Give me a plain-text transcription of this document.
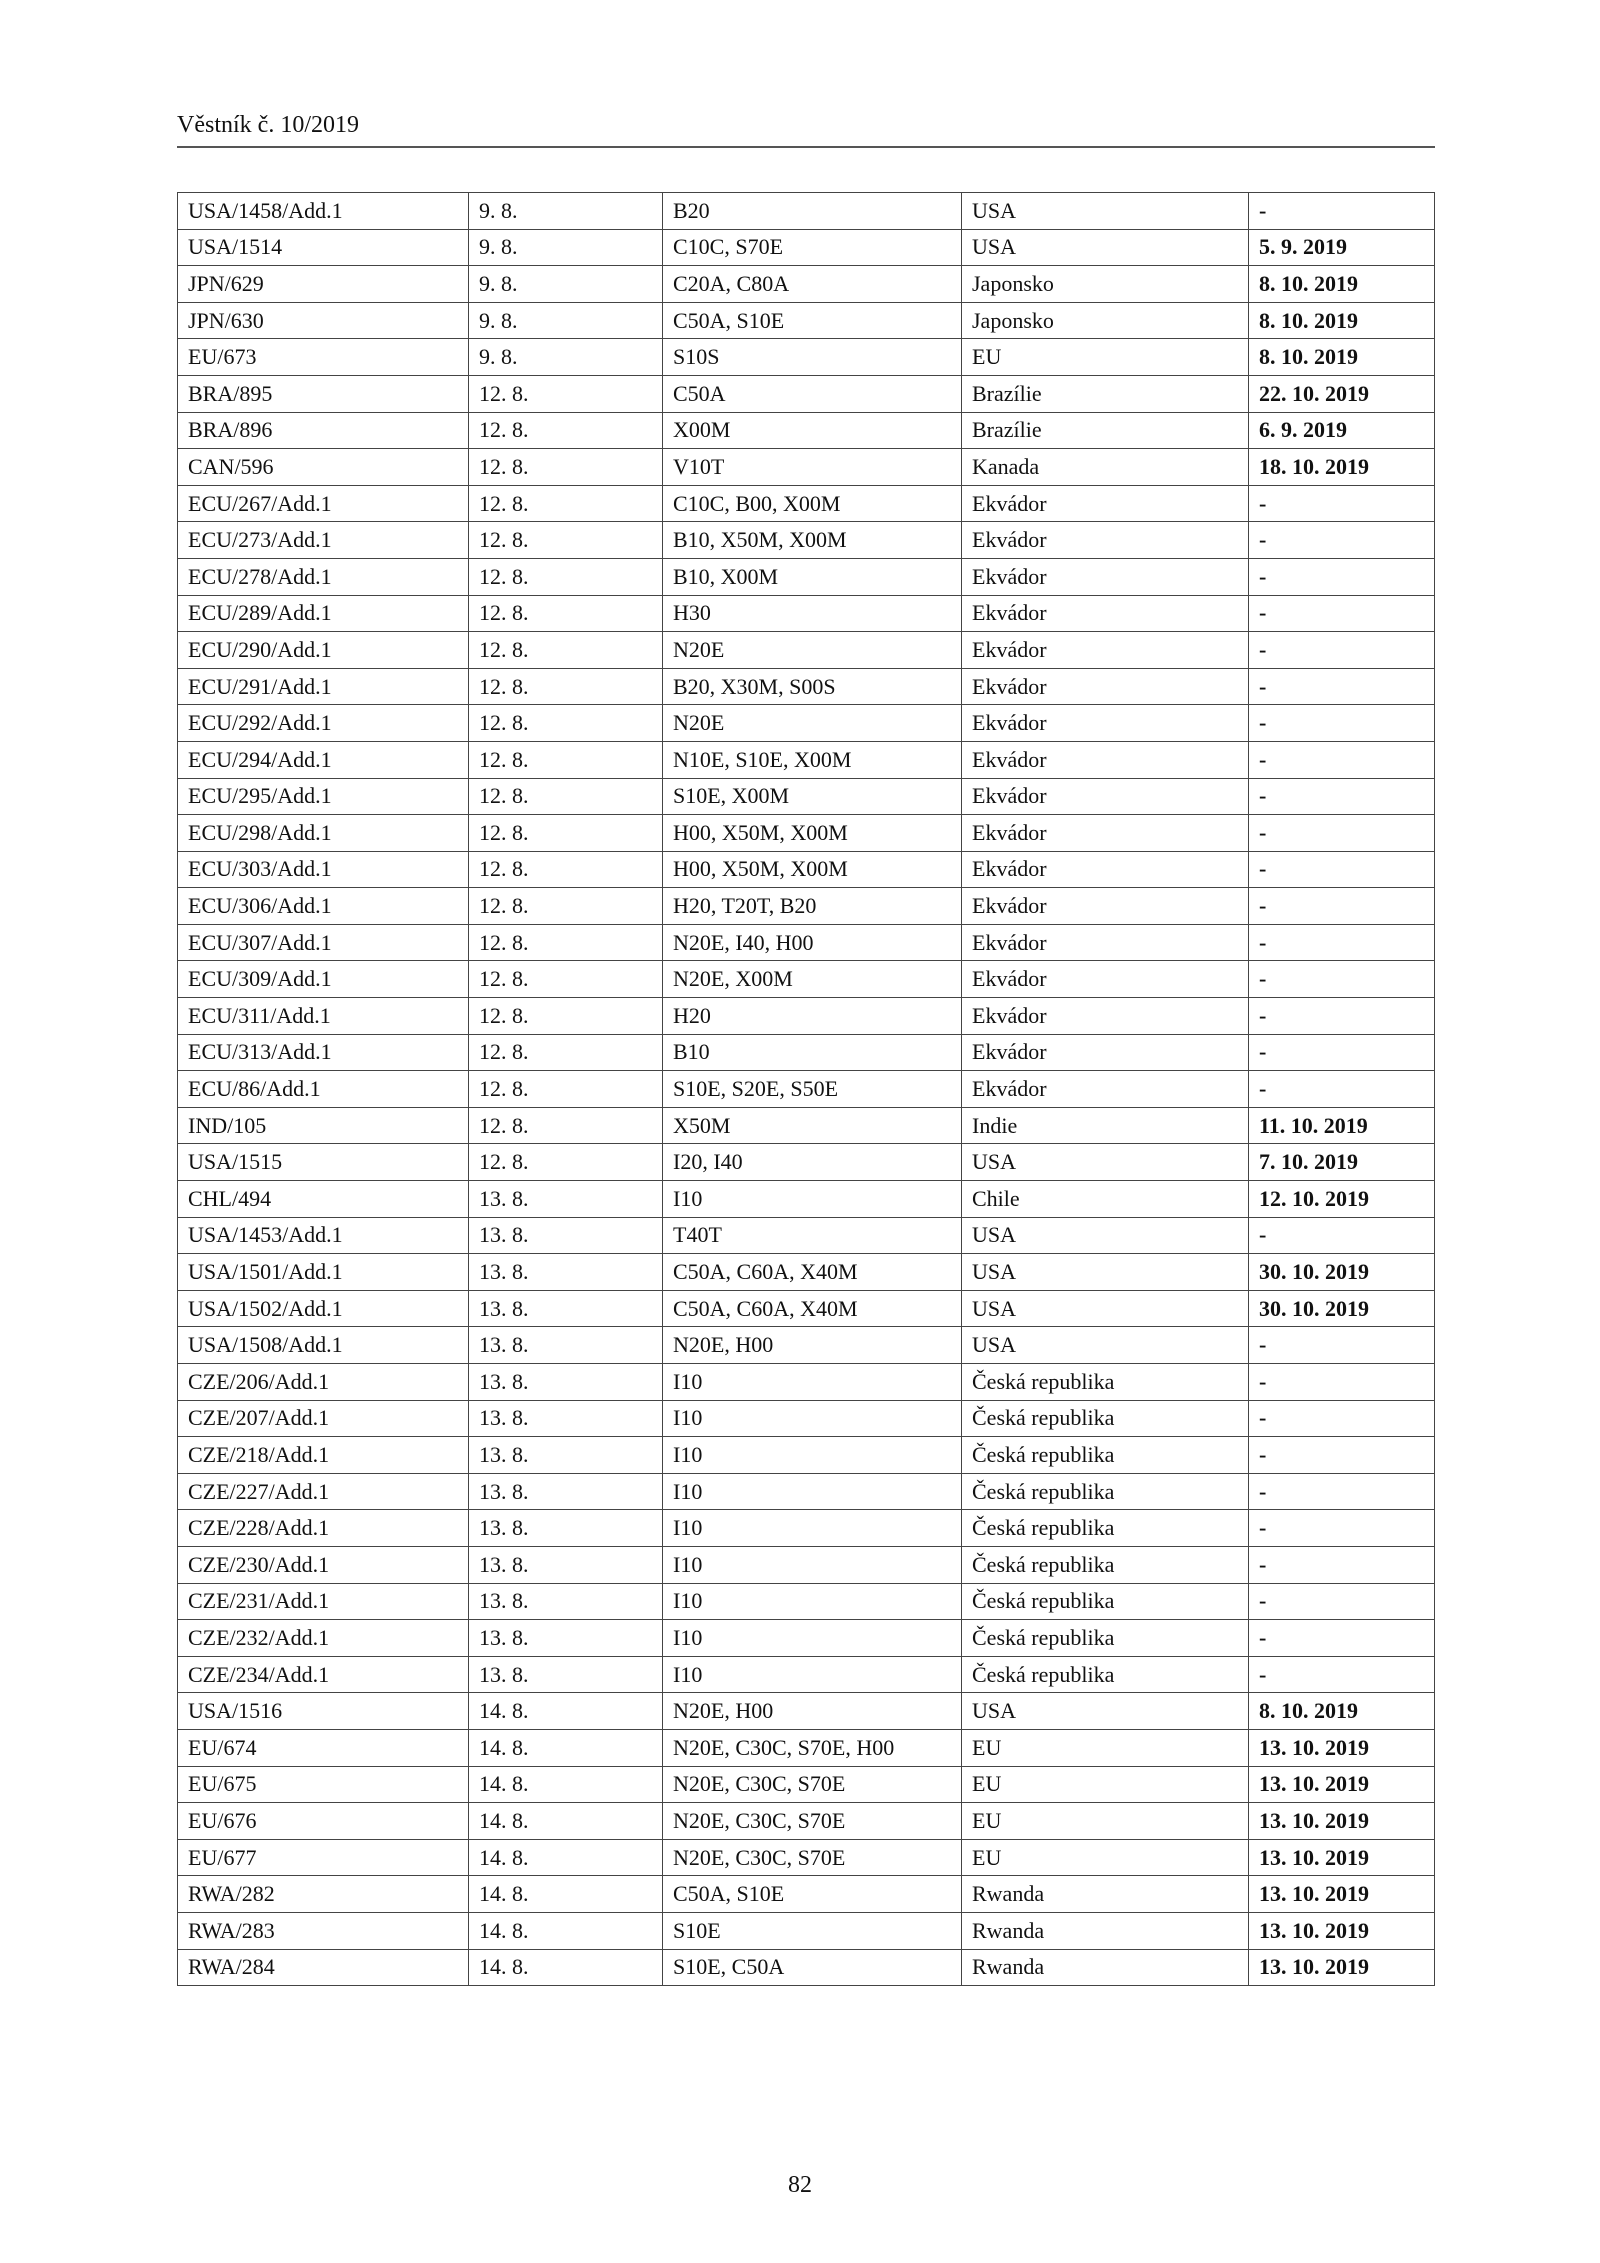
Věstník č. 10/2019
USA/1458/Add.1	9. 8.	B20	USA	-
USA/1514	9. 8.	C10C, S70E	USA	5. 9. 2019
JPN/629	9. 8.	C20A, C80A	Japonsko	8. 10. 2019
JPN/630	9. 8.	C50A, S10E	Japonsko	8. 10. 2019
EU/673	9. 8.	S10S	EU	8. 10. 2019
BRA/895	12. 8.	C50A	Brazílie	22. 10. 2019
BRA/896	12. 8.	X00M	Brazílie	6. 9. 2019
CAN/596	12. 8.	V10T	Kanada	18. 10. 2019
ECU/267/Add.1	12. 8.	C10C, B00, X00M	Ekvádor	-
ECU/273/Add.1	12. 8.	B10, X50M, X00M	Ekvádor	-
ECU/278/Add.1	12. 8.	B10, X00M	Ekvádor	-
ECU/289/Add.1	12. 8.	H30	Ekvádor	-
ECU/290/Add.1	12. 8.	N20E	Ekvádor	-
ECU/291/Add.1	12. 8.	B20, X30M, S00S	Ekvádor	-
ECU/292/Add.1	12. 8.	N20E	Ekvádor	-
ECU/294/Add.1	12. 8.	N10E, S10E, X00M	Ekvádor	-
ECU/295/Add.1	12. 8.	S10E, X00M	Ekvádor	-
ECU/298/Add.1	12. 8.	H00, X50M, X00M	Ekvádor	-
ECU/303/Add.1	12. 8.	H00, X50M, X00M	Ekvádor	-
ECU/306/Add.1	12. 8.	H20, T20T, B20	Ekvádor	-
ECU/307/Add.1	12. 8.	N20E, I40, H00	Ekvádor	-
ECU/309/Add.1	12. 8.	N20E, X00M	Ekvádor	-
ECU/311/Add.1	12. 8.	H20	Ekvádor	-
ECU/313/Add.1	12. 8.	B10	Ekvádor	-
ECU/86/Add.1	12. 8.	S10E, S20E, S50E	Ekvádor	-
IND/105	12. 8.	X50M	Indie	11. 10. 2019
USA/1515	12. 8.	I20, I40	USA	7. 10. 2019
CHL/494	13. 8.	I10	Chile	12. 10. 2019
USA/1453/Add.1	13. 8.	T40T	USA	-
USA/1501/Add.1	13. 8.	C50A, C60A, X40M	USA	30. 10. 2019
USA/1502/Add.1	13. 8.	C50A, C60A, X40M	USA	30. 10. 2019
USA/1508/Add.1	13. 8.	N20E, H00	USA	-
CZE/206/Add.1	13. 8.	I10	Česká republika	-
CZE/207/Add.1	13. 8.	I10	Česká republika	-
CZE/218/Add.1	13. 8.	I10	Česká republika	-
CZE/227/Add.1	13. 8.	I10	Česká republika	-
CZE/228/Add.1	13. 8.	I10	Česká republika	-
CZE/230/Add.1	13. 8.	I10	Česká republika	-
CZE/231/Add.1	13. 8.	I10	Česká republika	-
CZE/232/Add.1	13. 8.	I10	Česká republika	-
CZE/234/Add.1	13. 8.	I10	Česká republika	-
USA/1516	14. 8.	N20E, H00	USA	8. 10. 2019
EU/674	14. 8.	N20E, C30C, S70E, H00	EU	13. 10. 2019
EU/675	14. 8.	N20E, C30C, S70E	EU	13. 10. 2019
EU/676	14. 8.	N20E, C30C, S70E	EU	13. 10. 2019
EU/677	14. 8.	N20E, C30C, S70E	EU	13. 10. 2019
RWA/282	14. 8.	C50A, S10E	Rwanda	13. 10. 2019
RWA/283	14. 8.	S10E	Rwanda	13. 10. 2019
RWA/284	14. 8.	S10E, C50A	Rwanda	13. 10. 2019
82
